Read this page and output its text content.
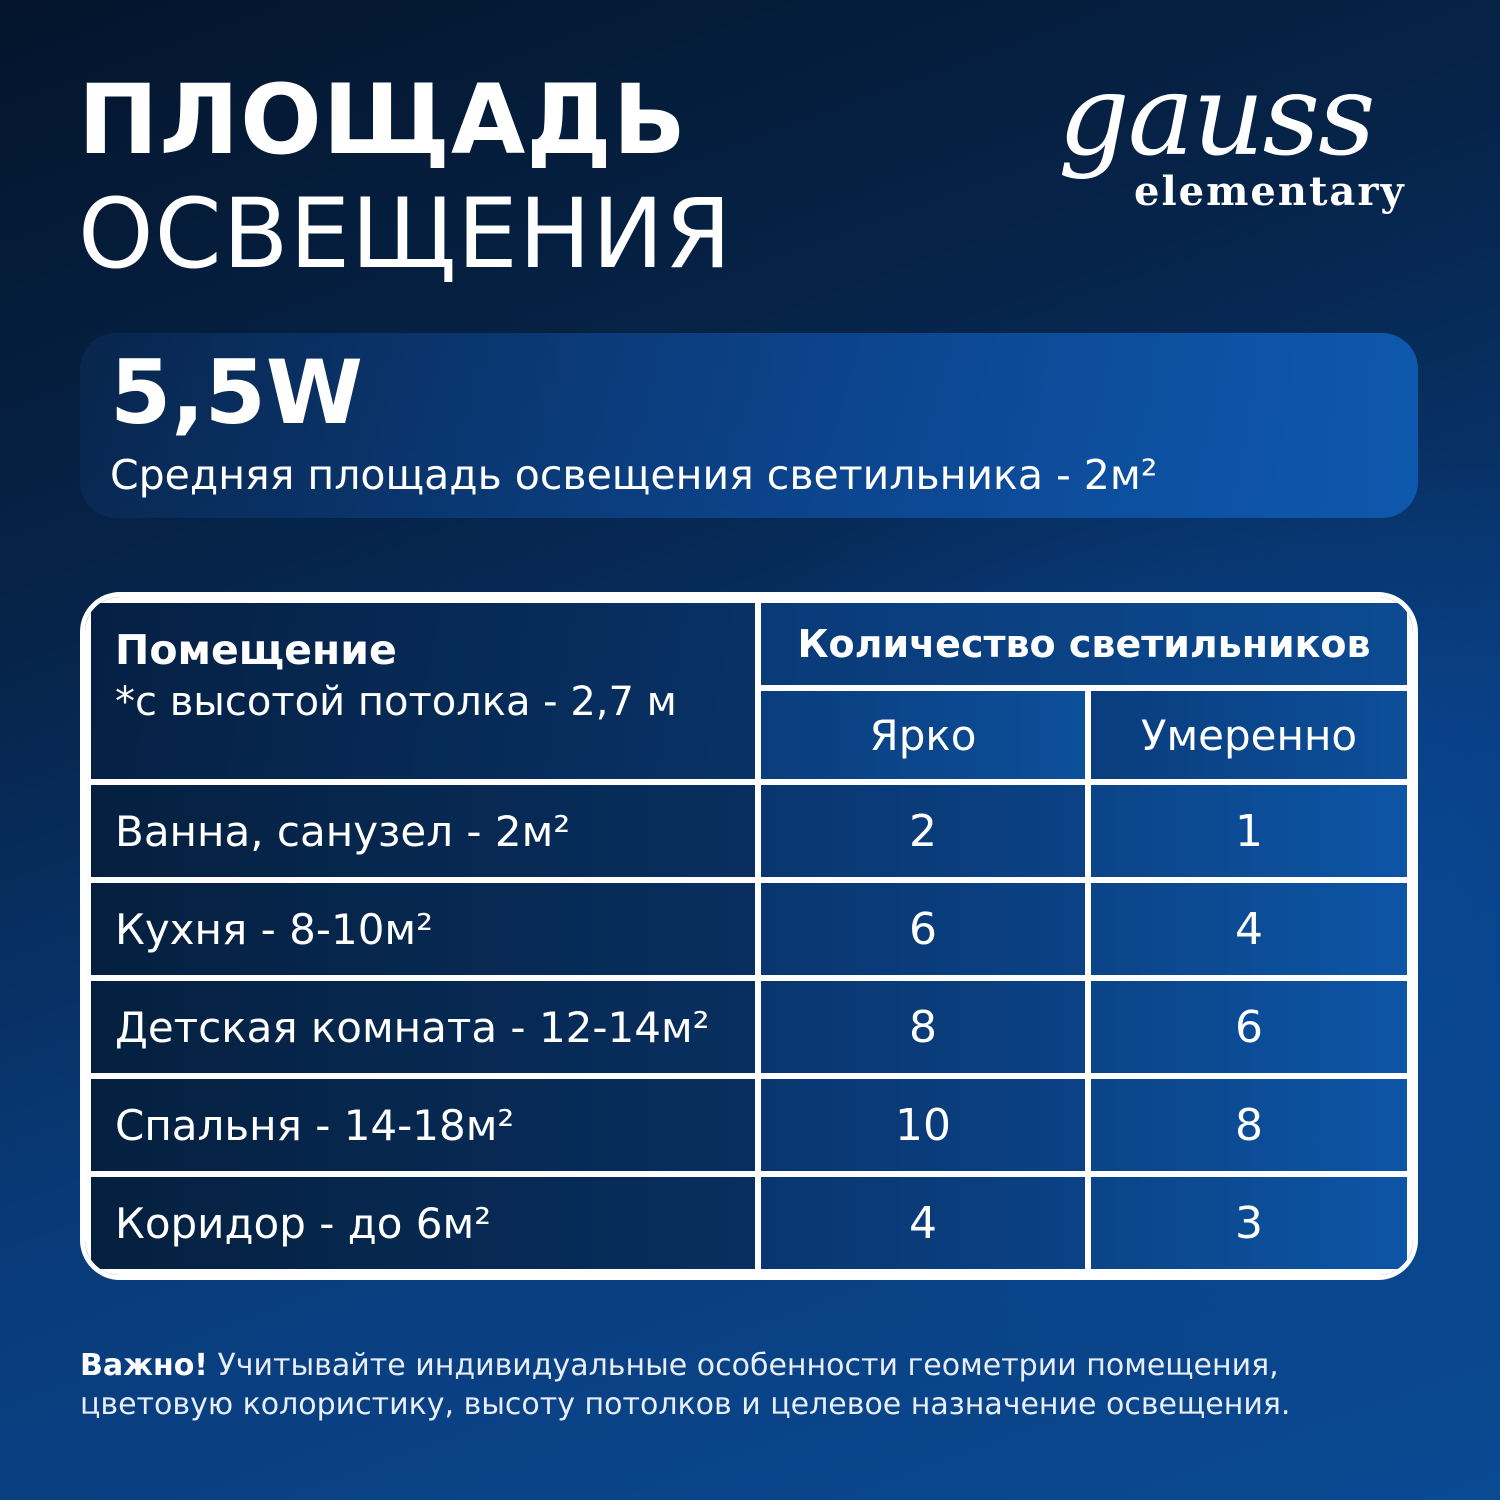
ПЛОЩАДЬ
ОСВЕЩЕНИЯ
gauss
elementary
5,5W
Средняя площадь освещения светильника - 2м²
Помещение
*с высотой потолка - 2,7 м	Количество светильников	
	Ярко	Умеренно
Ванна, санузел - 2м²	2	1
Кухня - 8-10м²	6	4
Детская комната - 12-14м²	8	6
Спальня - 14-18м²	10	8
Коридор - до 6м²	4	3

Важно! Учитывайте индивидуальные особенности геометрии помещения, цветовую колористику, высоту потолков и целевое назначение освещения.
